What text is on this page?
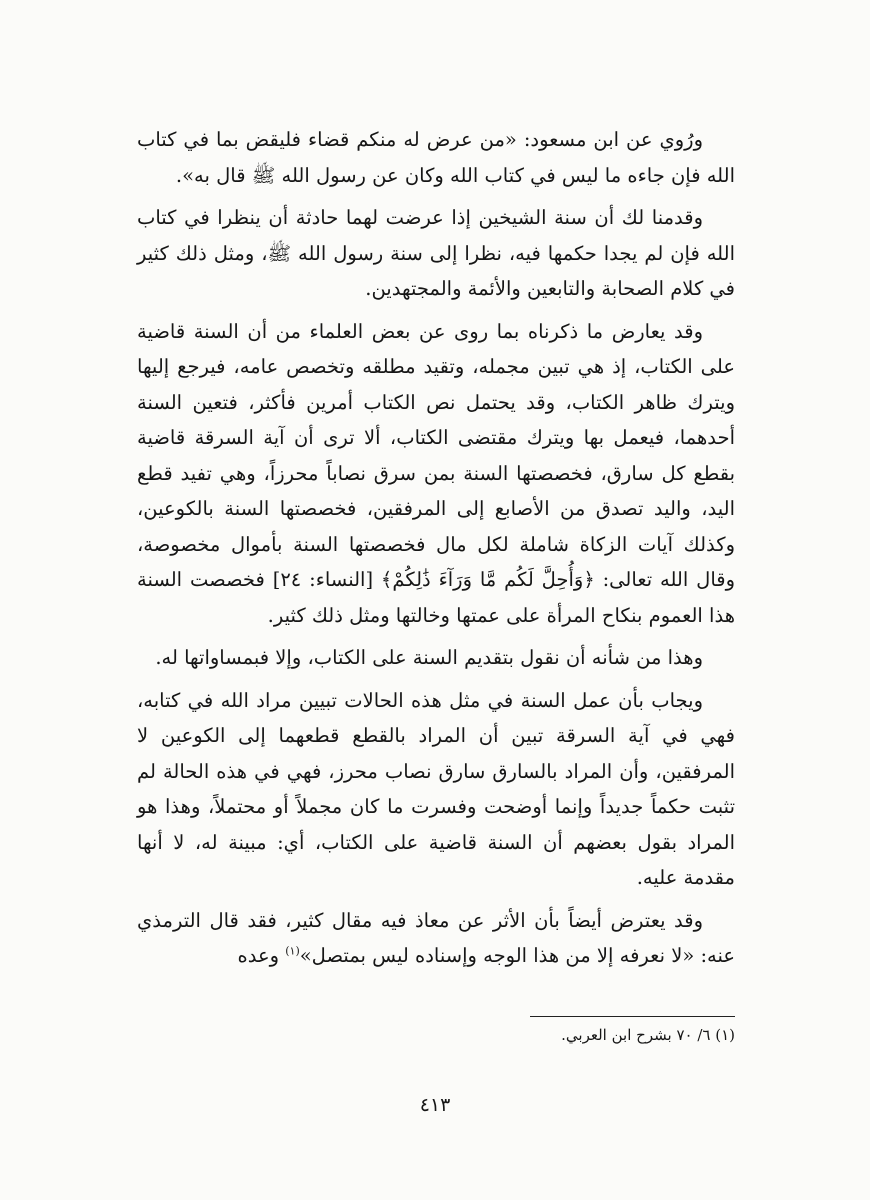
ورُوي عن ابن مسعود: «من عرض له منكم قضاء فليقض بما في كتاب الله فإن جاءه ما ليس في كتاب الله وكان عن رسول الله ﷺ قال به».

وقدمنا لك أن سنة الشيخين إذا عرضت لهما حادثة أن ينظرا في كتاب الله فإن لم يجدا حكمها فيه، نظرا إلى سنة رسول الله ﷺ، ومثل ذلك كثير في كلام الصحابة والتابعين والأئمة والمجتهدين.

وقد يعارض ما ذكرناه بما روى عن بعض العلماء من أن السنة قاضية على الكتاب، إذ هي تبين مجمله، وتقيد مطلقه وتخصص عامه، فيرجع إليها ويترك ظاهر الكتاب، وقد يحتمل نص الكتاب أمرين فأكثر، فتعين السنة أحدهما، فيعمل بها ويترك مقتضى الكتاب، ألا ترى أن آية السرقة قاضية بقطع كل سارق، فخصصتها السنة بمن سرق نصاباً محرزاً، وهي تفيد قطع اليد، واليد تصدق من الأصابع إلى المرفقين، فخصصتها السنة بالكوعين، وكذلك آيات الزكاة شاملة لكل مال فخصصتها السنة بأموال مخصوصة، وقال الله تعالى: ﴿وَأُحِلَّ لَكُم مَّا وَرَآءَ ذَٰلِكُمْ﴾ [النساء: ٢٤] فخصصت السنة هذا العموم بنكاح المرأة على عمتها وخالتها ومثل ذلك كثير.

وهذا من شأنه أن نقول بتقديم السنة على الكتاب، وإلا فبمساواتها له.

ويجاب بأن عمل السنة في مثل هذه الحالات تبيين مراد الله في كتابه، فهي في آية السرقة تبين أن المراد بالقطع قطعهما إلى الكوعين لا المرفقين، وأن المراد بالسارق سارق نصاب محرز، فهي في هذه الحالة لم تثبت حكماً جديداً وإنما أوضحت وفسرت ما كان مجملاً أو محتملاً، وهذا هو المراد بقول بعضهم أن السنة قاضية على الكتاب، أي: مبينة له، لا أنها مقدمة عليه.

وقد يعترض أيضاً بأن الأثر عن معاذ فيه مقال كثير، فقد قال الترمذي عنه: «لا نعرفه إلا من هذا الوجه وإسناده ليس بمتصل»$^{(١)}$ وعده

(١) ٦/ ٧٠ بشرح ابن العربي.
٤١٣
